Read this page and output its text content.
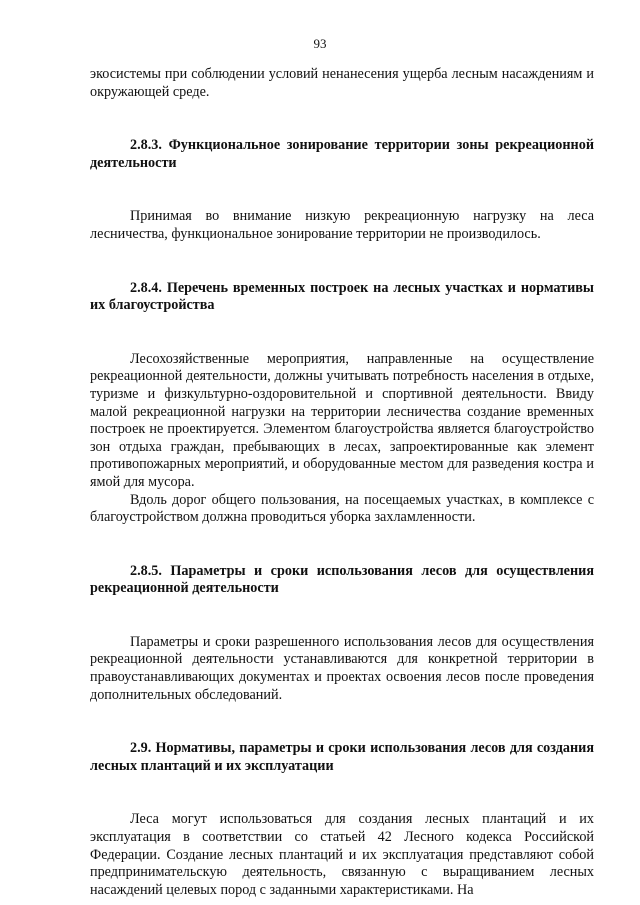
93

экосистемы при соблюдении условий ненанесения ущерба лесным насаждениям и окружающей среде.

2.8.3. Функциональное зонирование территории зоны рекреационной деятельности

Принимая во внимание низкую рекреационную нагрузку на леса лесничества, функциональное зонирование территории не производилось.

2.8.4. Перечень временных построек на лесных участках и нормативы их благоустройства

Лесохозяйственные мероприятия, направленные на осуществление рекреационной деятельности, должны учитывать потребность населения в отдыхе, туризме и физкультурно-оздоровительной и спортивной деятельности. Ввиду малой рекреационной нагрузки на территории лесничества создание временных построек не проектируется. Элементом благоустройства является благоустройство зон отдыха граждан, пребывающих в лесах, запроектированные как элемент противопожарных мероприятий, и оборудованные местом для разведения костра и ямой для мусора.

Вдоль дорог общего пользования, на посещаемых участках, в комплексе с благоустройством должна проводиться уборка захламленности.

2.8.5. Параметры и сроки использования лесов для осуществления рекреационной деятельности

Параметры и сроки разрешенного использования лесов для осуществления рекреационной деятельности устанавливаются для конкретной территории в правоустанавливающих документах и проектах освоения лесов после проведения дополнительных обследований.

2.9. Нормативы, параметры и сроки использования лесов для создания лесных плантаций и их эксплуатации

Леса могут использоваться для создания лесных плантаций и их эксплуатация в соответствии со статьей 42 Лесного кодекса Российской Федерации. Создание лесных плантаций и их эксплуатация представляют собой предпринимательскую деятельность, связанную с выращиванием лесных насаждений целевых пород с заданными характеристиками. На
